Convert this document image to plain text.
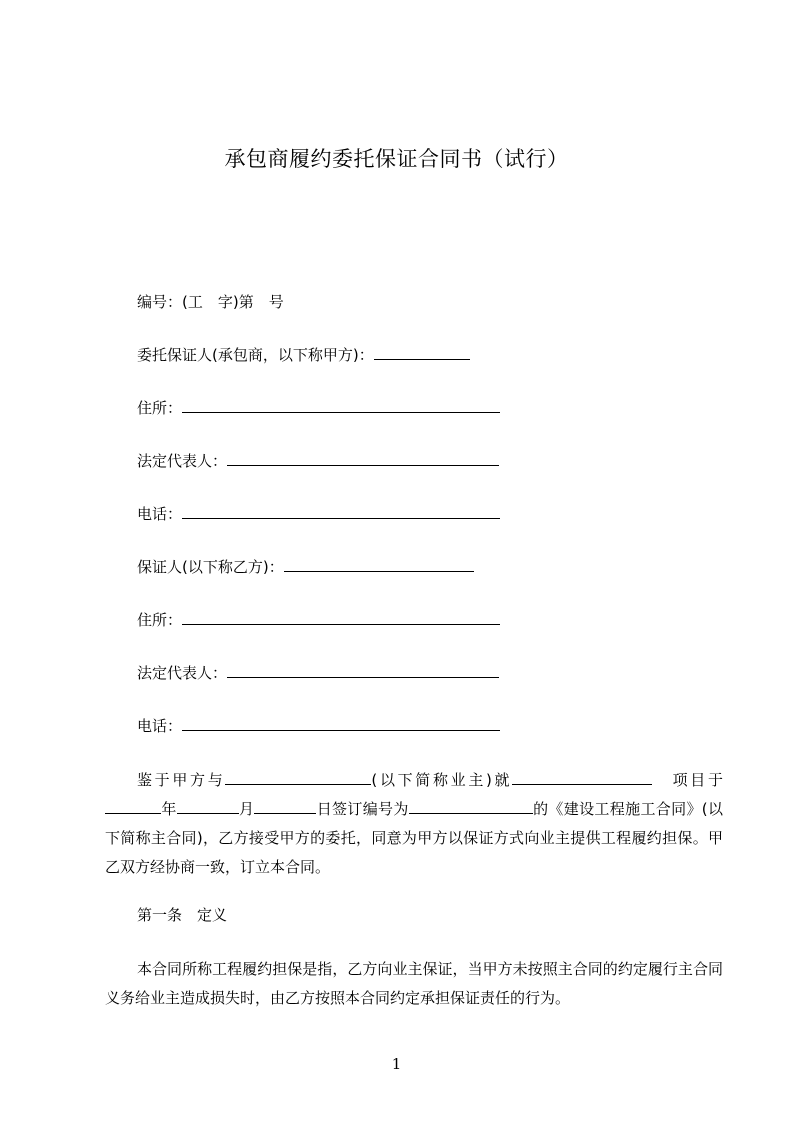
承包商履约委托保证合同书（试行）
编号：(工　字)第　号
委托保证人(承包商，以下称甲方)：
住所：
法定代表人：
电话：
保证人(以下称乙方)：
住所：
法定代表人：
电话：
鉴于甲方与	(以下简称业主)就　	项目于年	月	日签订编号为	的《建设工程施工合同》(以下简称主合同)，乙方接受甲方的委托，同意为甲方以保证方式向业主提供工程履约担保。甲乙双方经协商一致，订立本合同。
第一条　定义
本合同所称工程履约担保是指，乙方向业主保证，当甲方未按照主合同的约定履行主合同义务给业主造成损失时，由乙方按照本合同约定承担保证责任的行为。
1
